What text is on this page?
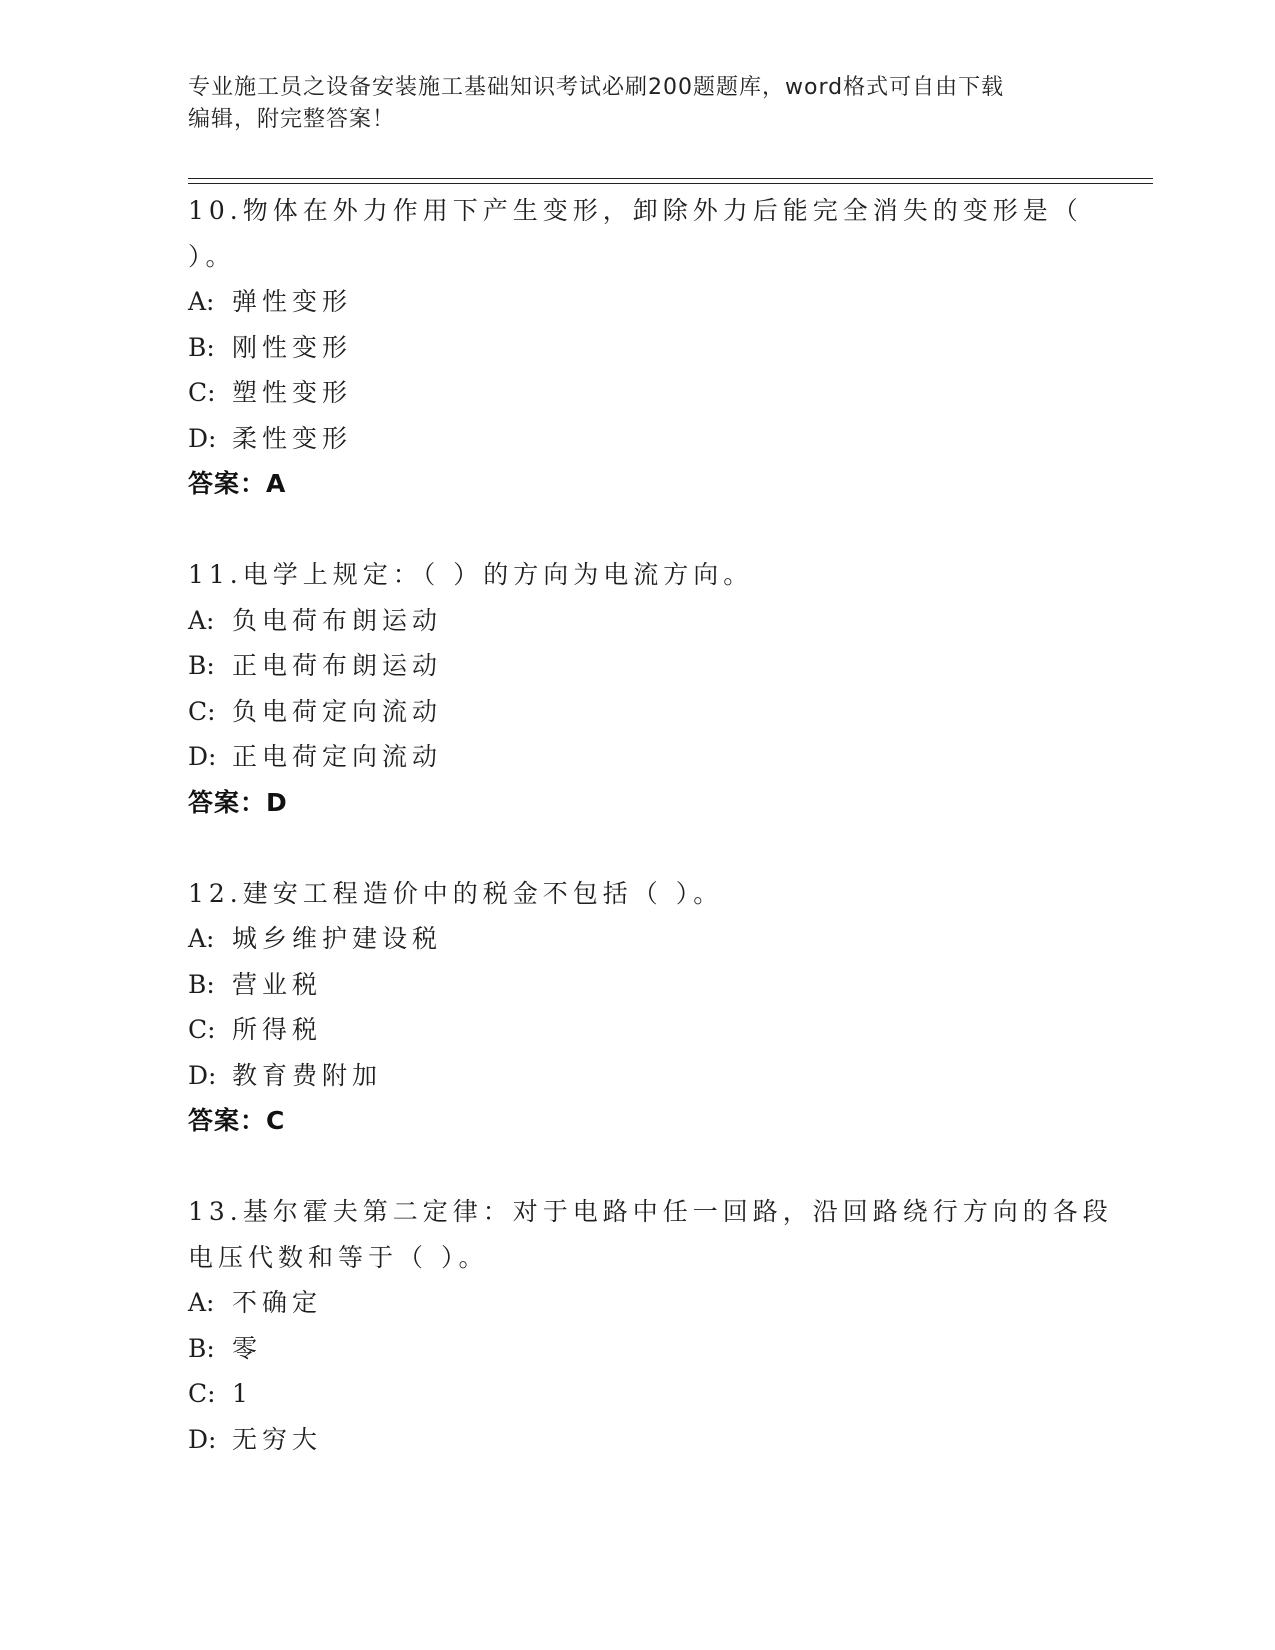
专业施工员之设备安装施工基础知识考试必刷200题题库，word格式可自由下载
编辑，附完整答案！
10.物体在外力作用下产生变形，卸除外力后能完全消失的变形是（
）。
A: 弹性变形
B: 刚性变形
C: 塑性变形
D: 柔性变形
答案：A
11.电学上规定：（ ）的方向为电流方向。
A: 负电荷布朗运动
B: 正电荷布朗运动
C: 负电荷定向流动
D: 正电荷定向流动
答案：D
12.建安工程造价中的税金不包括（ ）。
A: 城乡维护建设税
B: 营业税
C: 所得税
D: 教育费附加
答案：C
13.基尔霍夫第二定律：对于电路中任一回路，沿回路绕行方向的各段
电压代数和等于（ ）。
A: 不确定
B: 零
C: 1
D: 无穷大
